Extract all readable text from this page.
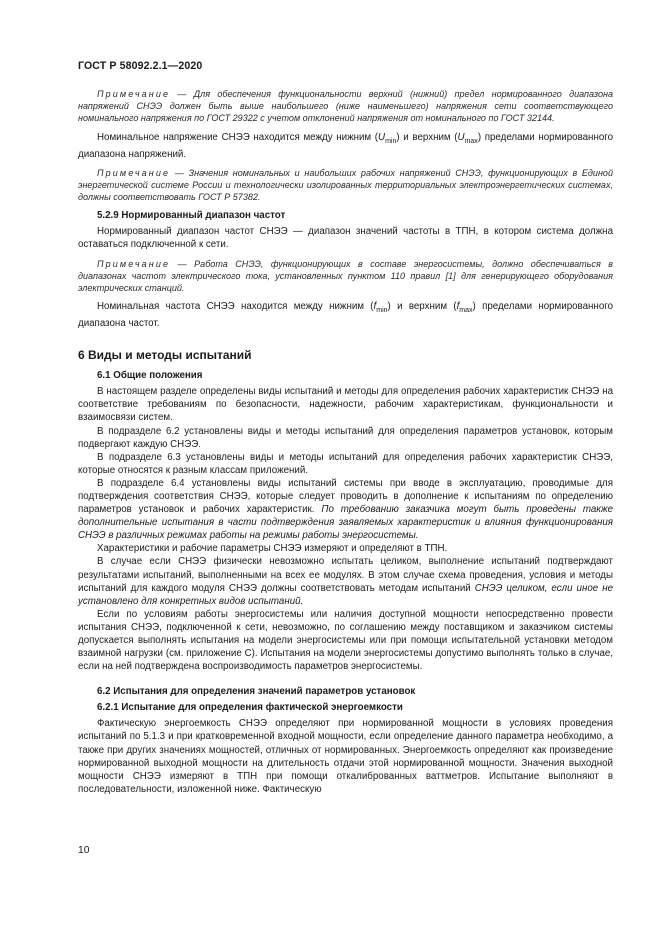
ГОСТ Р 58092.2.1—2020

Примечание — Для обеспечения функциональности верхний (нижний) предел нормированного диапазона напряжений СНЭЭ должен быть выше наибольшего (ниже наименьшего) напряжения сети соответствующего номинального напряжения по ГОСТ 29322 с учетом отклонений напряжения от номинального по ГОСТ 32144.

Номинальное напряжение СНЭЭ находится между нижним $(U_{min})$ и верхним $(U_{max})$ пределами нормированного диапазона напряжений.

Примечание — Значения номинальных и наибольших рабочих напряжений СНЭЭ, функционирующих в Единой энергетической системе России и технологически изолированных территориальных электроэнергетических системах, должны соответствовать ГОСТ Р 57382.

5.2.9 Нормированный диапазон частот

Нормированный диапазон частот СНЭЭ — диапазон значений частоты в ТПН, в котором система должна оставаться подключенной к сети.

Примечание — Работа СНЭЭ, функционирующих в составе энергосистемы, должно обеспечиваться в диапазонах частот электрического тока, установленных пунктом 110 правил [1] для генерирующего оборудования электрических станций.

Номинальная частота СНЭЭ находится между нижним $(f_{min})$ и верхним $(f_{max})$ пределами нормированного диапазона частот.

6 Виды и методы испытаний
6.1 Общие положения

В настоящем разделе определены виды испытаний и методы для определения рабочих характеристик СНЭЭ на соответствие требованиям по безопасности, надежности, рабочим характеристикам, функциональности и взаимосвязи систем.

В подразделе 6.2 установлены виды и методы испытаний для определения параметров установок, которым подвергают каждую СНЭЭ.

В подразделе 6.3 установлены виды и методы испытаний для определения рабочих характеристик СНЭЭ, которые относятся к разным классам приложений.

В подразделе 6.4 установлены виды испытаний системы при вводе в эксплуатацию, проводимые для подтверждения соответствия СНЭЭ, которые следует проводить в дополнение к испытаниям по определению параметров установок и рабочих характеристик. По требованию заказчика могут быть проведены также дополнительные испытания в части подтверждения заявляемых характеристик и влияния функционирования СНЭЭ в различных режимах работы на режимы работы энергосистемы.

Характеристики и рабочие параметры СНЭЭ измеряют и определяют в ТПН.

В случае если СНЭЭ физически невозможно испытать целиком, выполнение испытаний подтверждают результатами испытаний, выполненными на всех ее модулях. В этом случае схема проведения, условия и методы испытаний для каждого модуля СНЭЭ должны соответствовать методам испытаний СНЭЭ целиком, если иное не установлено для конкретных видов испытаний.

Если по условиям работы энергосистемы или наличия доступной мощности непосредственно провести испытания СНЭЭ, подключенной к сети, невозможно, по соглашению между поставщиком и заказчиком системы допускается выполнять испытания на модели энергосистемы или при помощи испытательной установки методом взаимной нагрузки (см. приложение С). Испытания на модели энергосистемы допустимо выполнять только в случае, если на ней подтверждена воспроизводимость параметров энергосистемы.

6.2 Испытания для определения значений параметров установок
6.2.1 Испытание для определения фактической энергоемкости

Фактическую энергоемкость СНЭЭ определяют при нормированной мощности в условиях проведения испытаний по 5.1.3 и при кратковременной входной мощности, если определение данного параметра необходимо, а также при других значениях мощностей, отличных от нормированных. Энергоемкость определяют как произведение нормированной выходной мощности на длительность отдачи этой нормированной мощности. Значения выходной мощности СНЭЭ измеряют в ТПН при помощи откалиброванных ваттметров. Испытание выполняют в последовательности, изложенной ниже. Фактическую

10
